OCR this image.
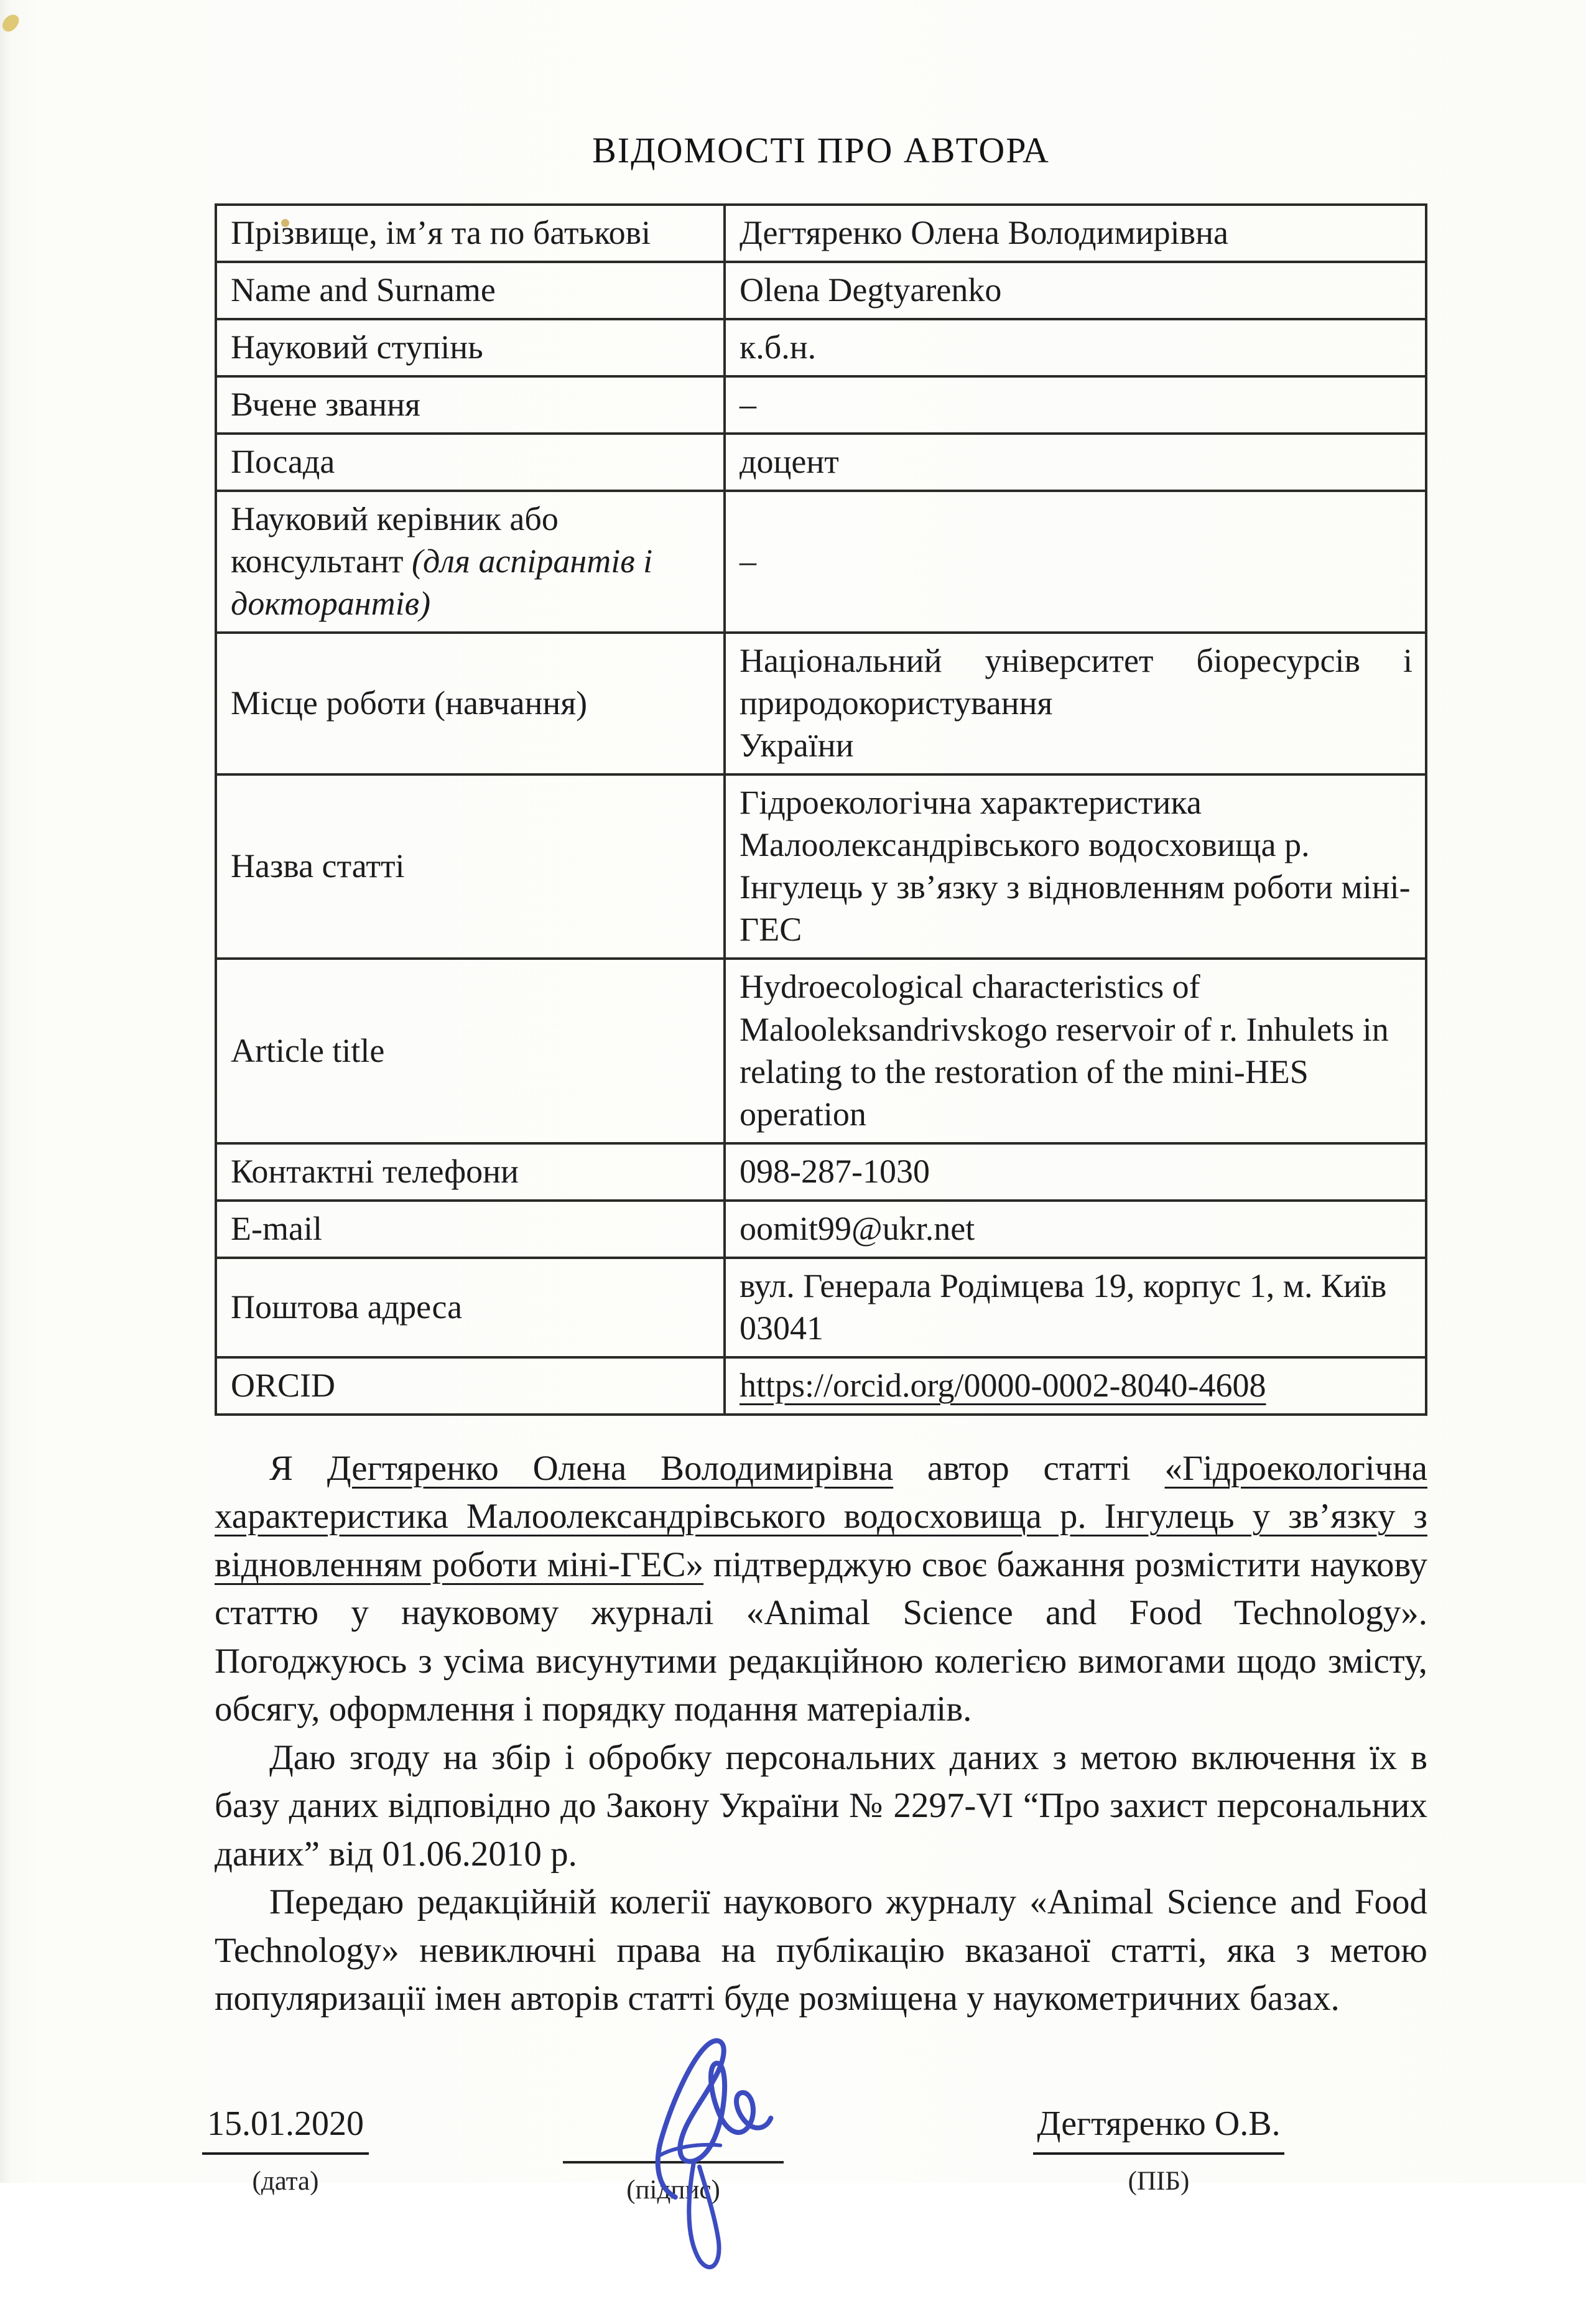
ВІДОМОСТІ ПРО АВТОРА
Прізвище, ім’я та по батькові	Дегтяренко Олена Володимирівна
Name and Surname	Olena Degtyarenko
Науковий ступінь	к.б.н.
Вчене звання	–
Посада	доцент
Науковий керівник або консультант (для аспірантів і докторантів)	–
Місце роботи (навчання)	Національний університет біоресурсів і
природокористування
України

Назва статті	Гідроекологічна характеристика Малоолександрівського водосховища р. Інгулець у зв’язку з відновленням роботи міні-ГЕС
Article title	Hydroecological characteristics of Malooleksandrivskogo reservoir of r. Inhulets in relating to the restoration of the mini-HES operation
Контактні телефони	098-287-1030
E-mail	oomit99@ukr.net
Поштова адреса	вул. Генерала Родімцева 19, корпус 1, м. Київ 03041
ORCID	https://orcid.org/0000-0002-8040-4608

Я Дегтяренко Олена Володимирівна автор статті «Гідроекологічна характеристика Малоолександрівського водосховища р. Інгулець у зв’язку з відновленням роботи міні-ГЕС» підтверджую своє бажання розмістити наукову статтю у науковому журналі «Animal Science and Food Technology». Погоджуюсь з усіма висунутими редакційною колегією вимогами щодо змісту, обсягу, оформлення і порядку подання матеріалів.

Даю згоду на збір і обробку персональних даних з метою включення їх в базу даних відповідно до Закону України № 2297-VI “Про захист персональних даних” від 01.06.2010 р.

Передаю редакційній колегії наукового журналу «Animal Science and Food Technology» невиключні права на публікацію вказаної статті, яка з метою популяризації імен авторів статті буде розміщена у наукометричних базах.

15.01.2020
(дата)	(підпис)
Дегтяренко О.В.
(ПІБ)
